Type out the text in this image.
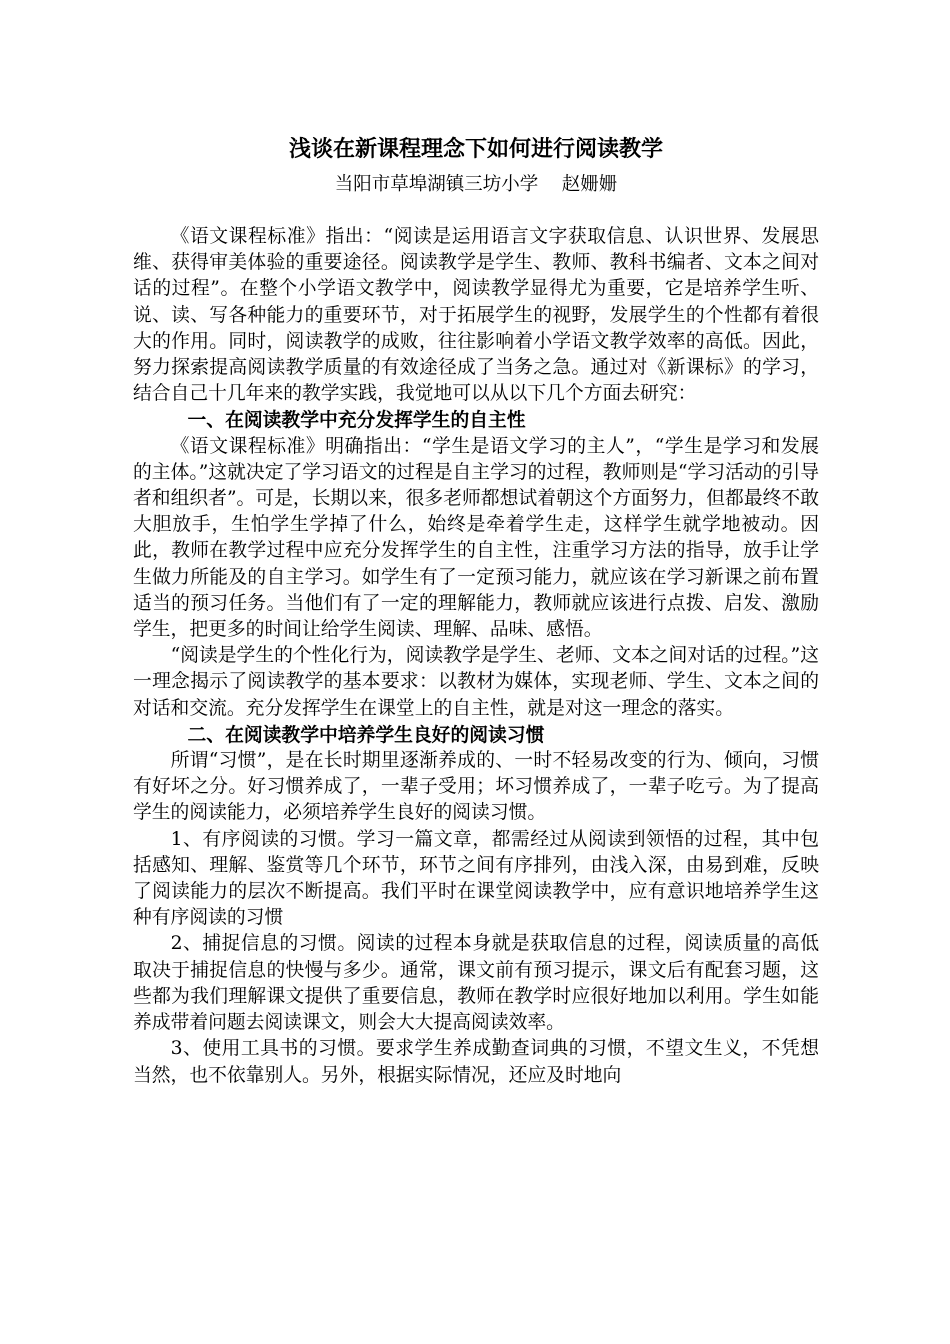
浅谈在新课程理念下如何进行阅读教学
当阳市草埠湖镇三坊小学    赵姗姗

《语文课程标准》指出：“阅读是运用语言文字获取信息、认识世界、发展思维、获得审美体验的重要途径。阅读教学是学生、教师、教科书编者、文本之间对话的过程”。在整个小学语文教学中，阅读教学显得尤为重要，它是培养学生听、说、读、写各种能力的重要环节，对于拓展学生的视野，发展学生的个性都有着很大的作用。同时，阅读教学的成败，往往影响着小学语文教学效率的高低。因此，努力探索提高阅读教学质量的有效途径成了当务之急。通过对《新课标》的学习，结合自己十几年来的教学实践，我觉地可以从以下几个方面去研究：

一、在阅读教学中充分发挥学生的自主性

《语文课程标准》明确指出：“学生是语文学习的主人”，“学生是学习和发展的主体。”这就决定了学习语文的过程是自主学习的过程，教师则是“学习活动的引导者和组织者”。可是，长期以来，很多老师都想试着朝这个方面努力，但都最终不敢大胆放手，生怕学生学掉了什么，始终是牵着学生走，这样学生就学地被动。因此，教师在教学过程中应充分发挥学生的自主性，注重学习方法的指导，放手让学生做力所能及的自主学习。如学生有了一定预习能力，就应该在学习新课之前布置适当的预习任务。当他们有了一定的理解能力，教师就应该进行点拨、启发、激励学生，把更多的时间让给学生阅读、理解、品味、感悟。

“阅读是学生的个性化行为，阅读教学是学生、老师、文本之间对话的过程。”这一理念揭示了阅读教学的基本要求：以教材为媒体，实现老师、学生、文本之间的对话和交流。充分发挥学生在课堂上的自主性，就是对这一理念的落实。

二、在阅读教学中培养学生良好的阅读习惯

所谓“习惯”，是在长时期里逐渐养成的、一时不轻易改变的行为、倾向，习惯有好坏之分。好习惯养成了，一辈子受用；坏习惯养成了，一辈子吃亏。为了提高学生的阅读能力，必须培养学生良好的阅读习惯。

1、有序阅读的习惯。学习一篇文章，都需经过从阅读到领悟的过程，其中包括感知、理解、鉴赏等几个环节，环节之间有序排列，由浅入深，由易到难，反映了阅读能力的层次不断提高。我们平时在课堂阅读教学中，应有意识地培养学生这种有序阅读的习惯

2、捕捉信息的习惯。阅读的过程本身就是获取信息的过程，阅读质量的高低取决于捕捉信息的快慢与多少。通常，课文前有预习提示，课文后有配套习题，这些都为我们理解课文提供了重要信息，教师在教学时应很好地加以利用。学生如能养成带着问题去阅读课文，则会大大提高阅读效率。

3、使用工具书的习惯。要求学生养成勤查词典的习惯，不望文生义，不凭想当然，也不依靠别人。另外，根据实际情况，还应及时地向
